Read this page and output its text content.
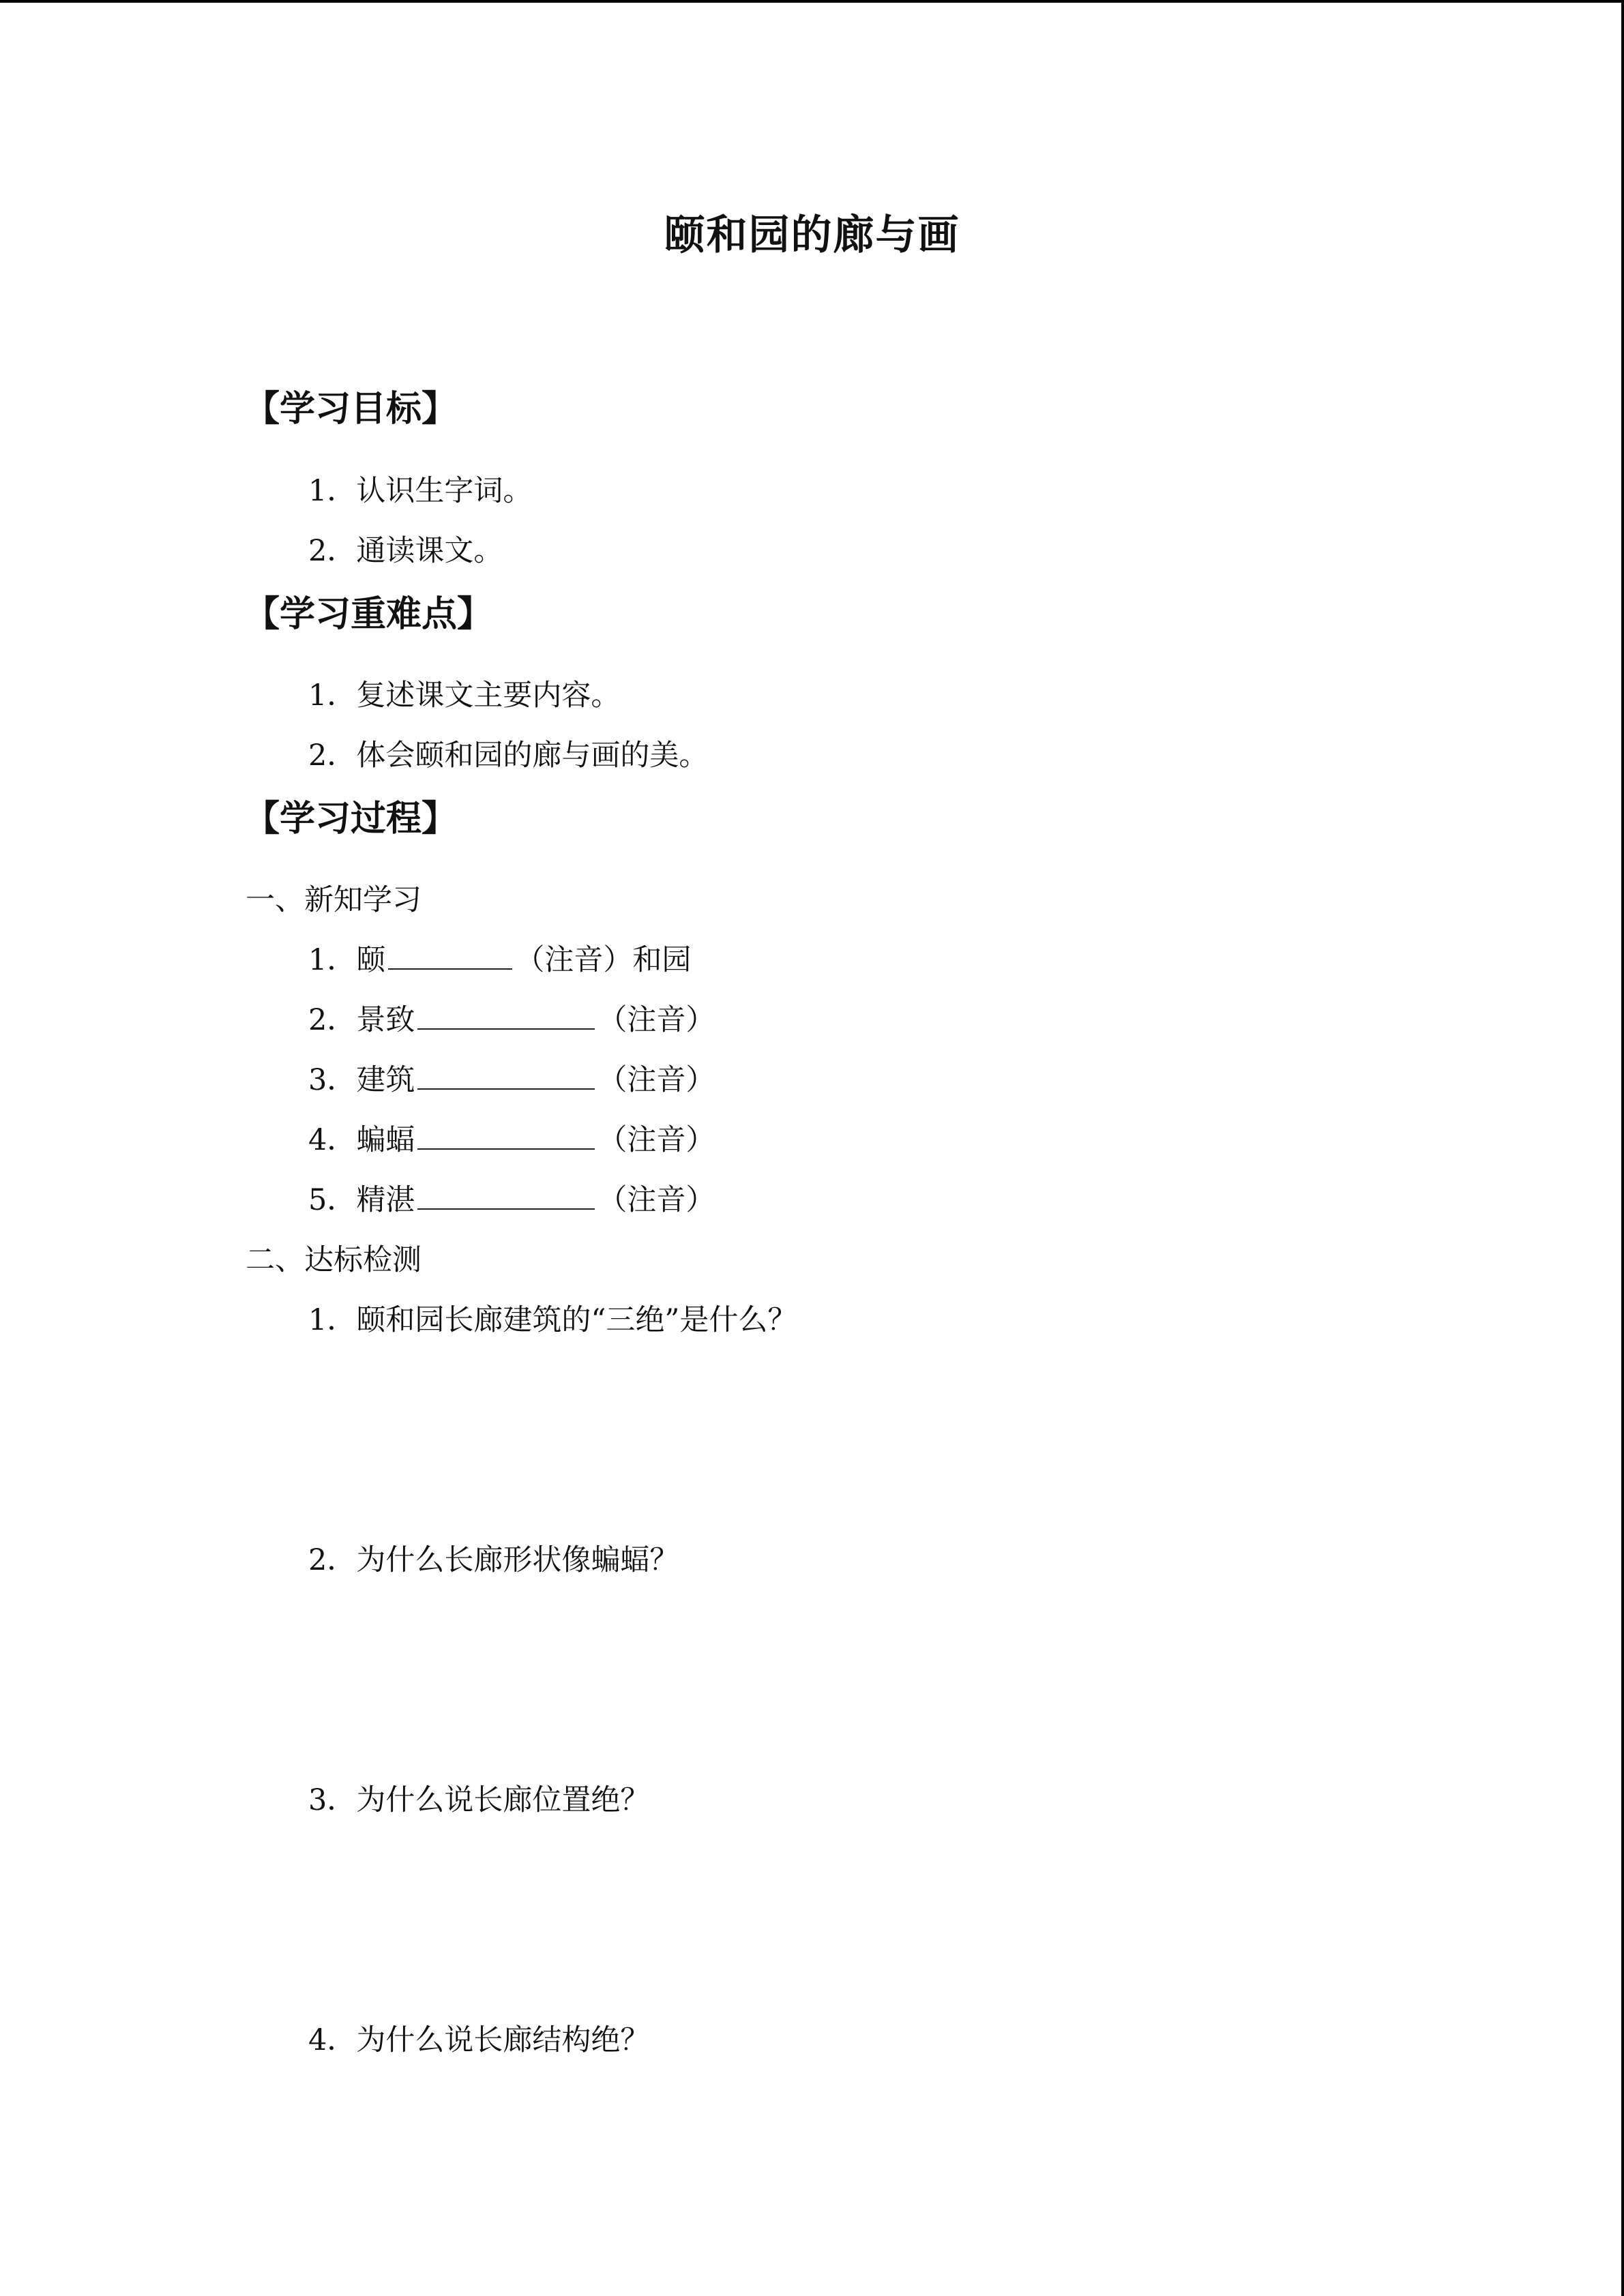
颐和园的廊与画
【学习目标】
1．认识生字词。
2．通读课文。
【学习重难点】
1．复述课文主要内容。
2．体会颐和园的廊与画的美。
【学习过程】
一、新知学习
1．颐	（注音）和园
2．景致	（注音）
3．建筑	（注音）
4．蝙蝠	（注音）
5．精湛	（注音）
二、达标检测
1．颐和园长廊建筑的“三绝”是什么？
2．为什么长廊形状像蝙蝠？
3．为什么说长廊位置绝？
4．为什么说长廊结构绝？
